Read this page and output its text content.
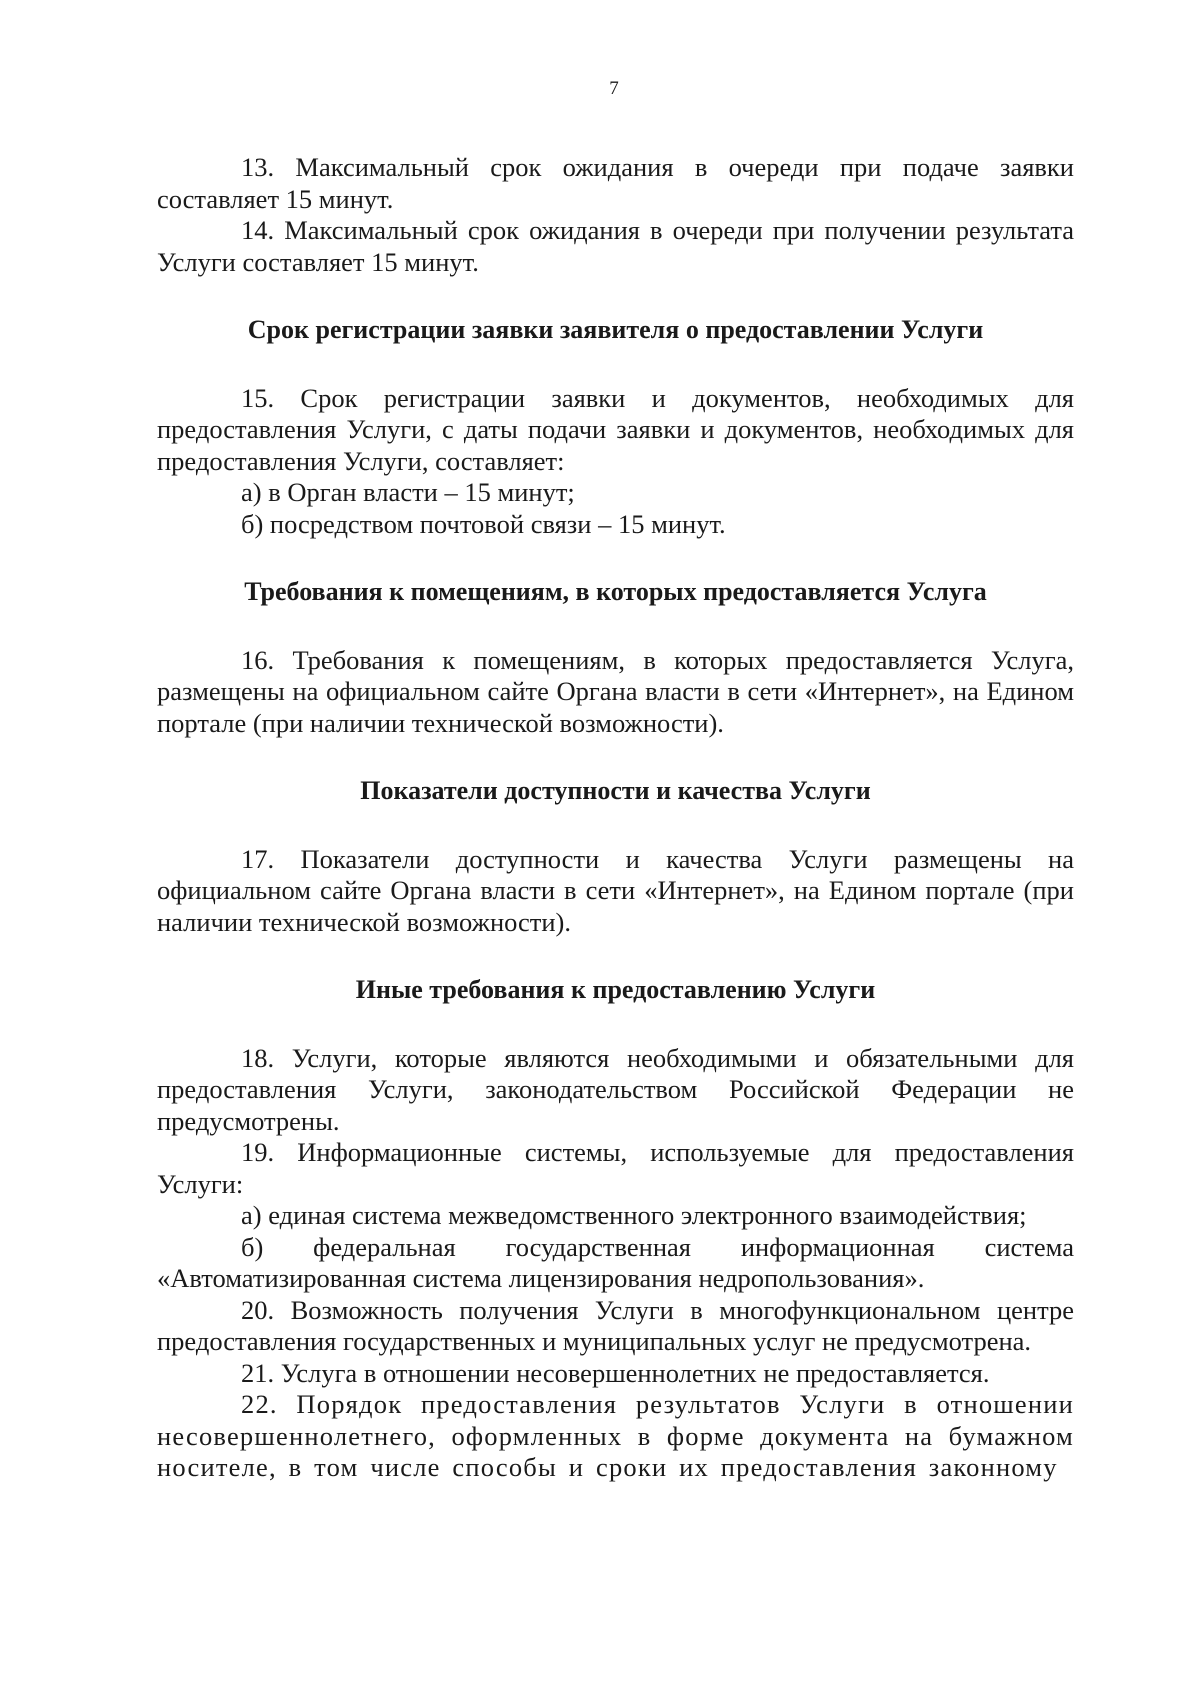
7

13. Максимальный срок ожидания в очереди при подаче заявки составляет 15 минут.

14. Максимальный срок ожидания в очереди при получении результата Услуги составляет 15 минут.

Срок регистрации заявки заявителя о предоставлении Услуги

15. Срок регистрации заявки и документов, необходимых для предоставления Услуги, с даты подачи заявки и документов, необходимых для предоставления Услуги, составляет:

а) в Орган власти – 15 минут;

б) посредством почтовой связи – 15 минут.

Требования к помещениям, в которых предоставляется Услуга

16. Требования к помещениям, в которых предоставляется Услуга, размещены на официальном сайте Органа власти в сети «Интернет», на Едином портале (при наличии технической возможности).

Показатели доступности и качества Услуги

17. Показатели доступности и качества Услуги размещены на официальном сайте Органа власти в сети «Интернет», на Едином портале (при наличии технической возможности).

Иные требования к предоставлению Услуги

18. Услуги, которые являются необходимыми и обязательными для предоставления Услуги, законодательством Российской Федерации не предусмотрены.

19. Информационные системы, используемые для предоставления Услуги:

а) единая система межведомственного электронного взаимодействия;

б) федеральная государственная информационная система «Автоматизированная система лицензирования недропользования».

20. Возможность получения Услуги в многофункциональном центре предоставления государственных и муниципальных услуг не предусмотрена.

21. Услуга в отношении несовершеннолетних не предоставляется.

22. Порядок предоставления результатов Услуги в отношении несовершеннолетнего, оформленных в форме документа на бумажном носителе, в том числе способы и сроки их предоставления законному
